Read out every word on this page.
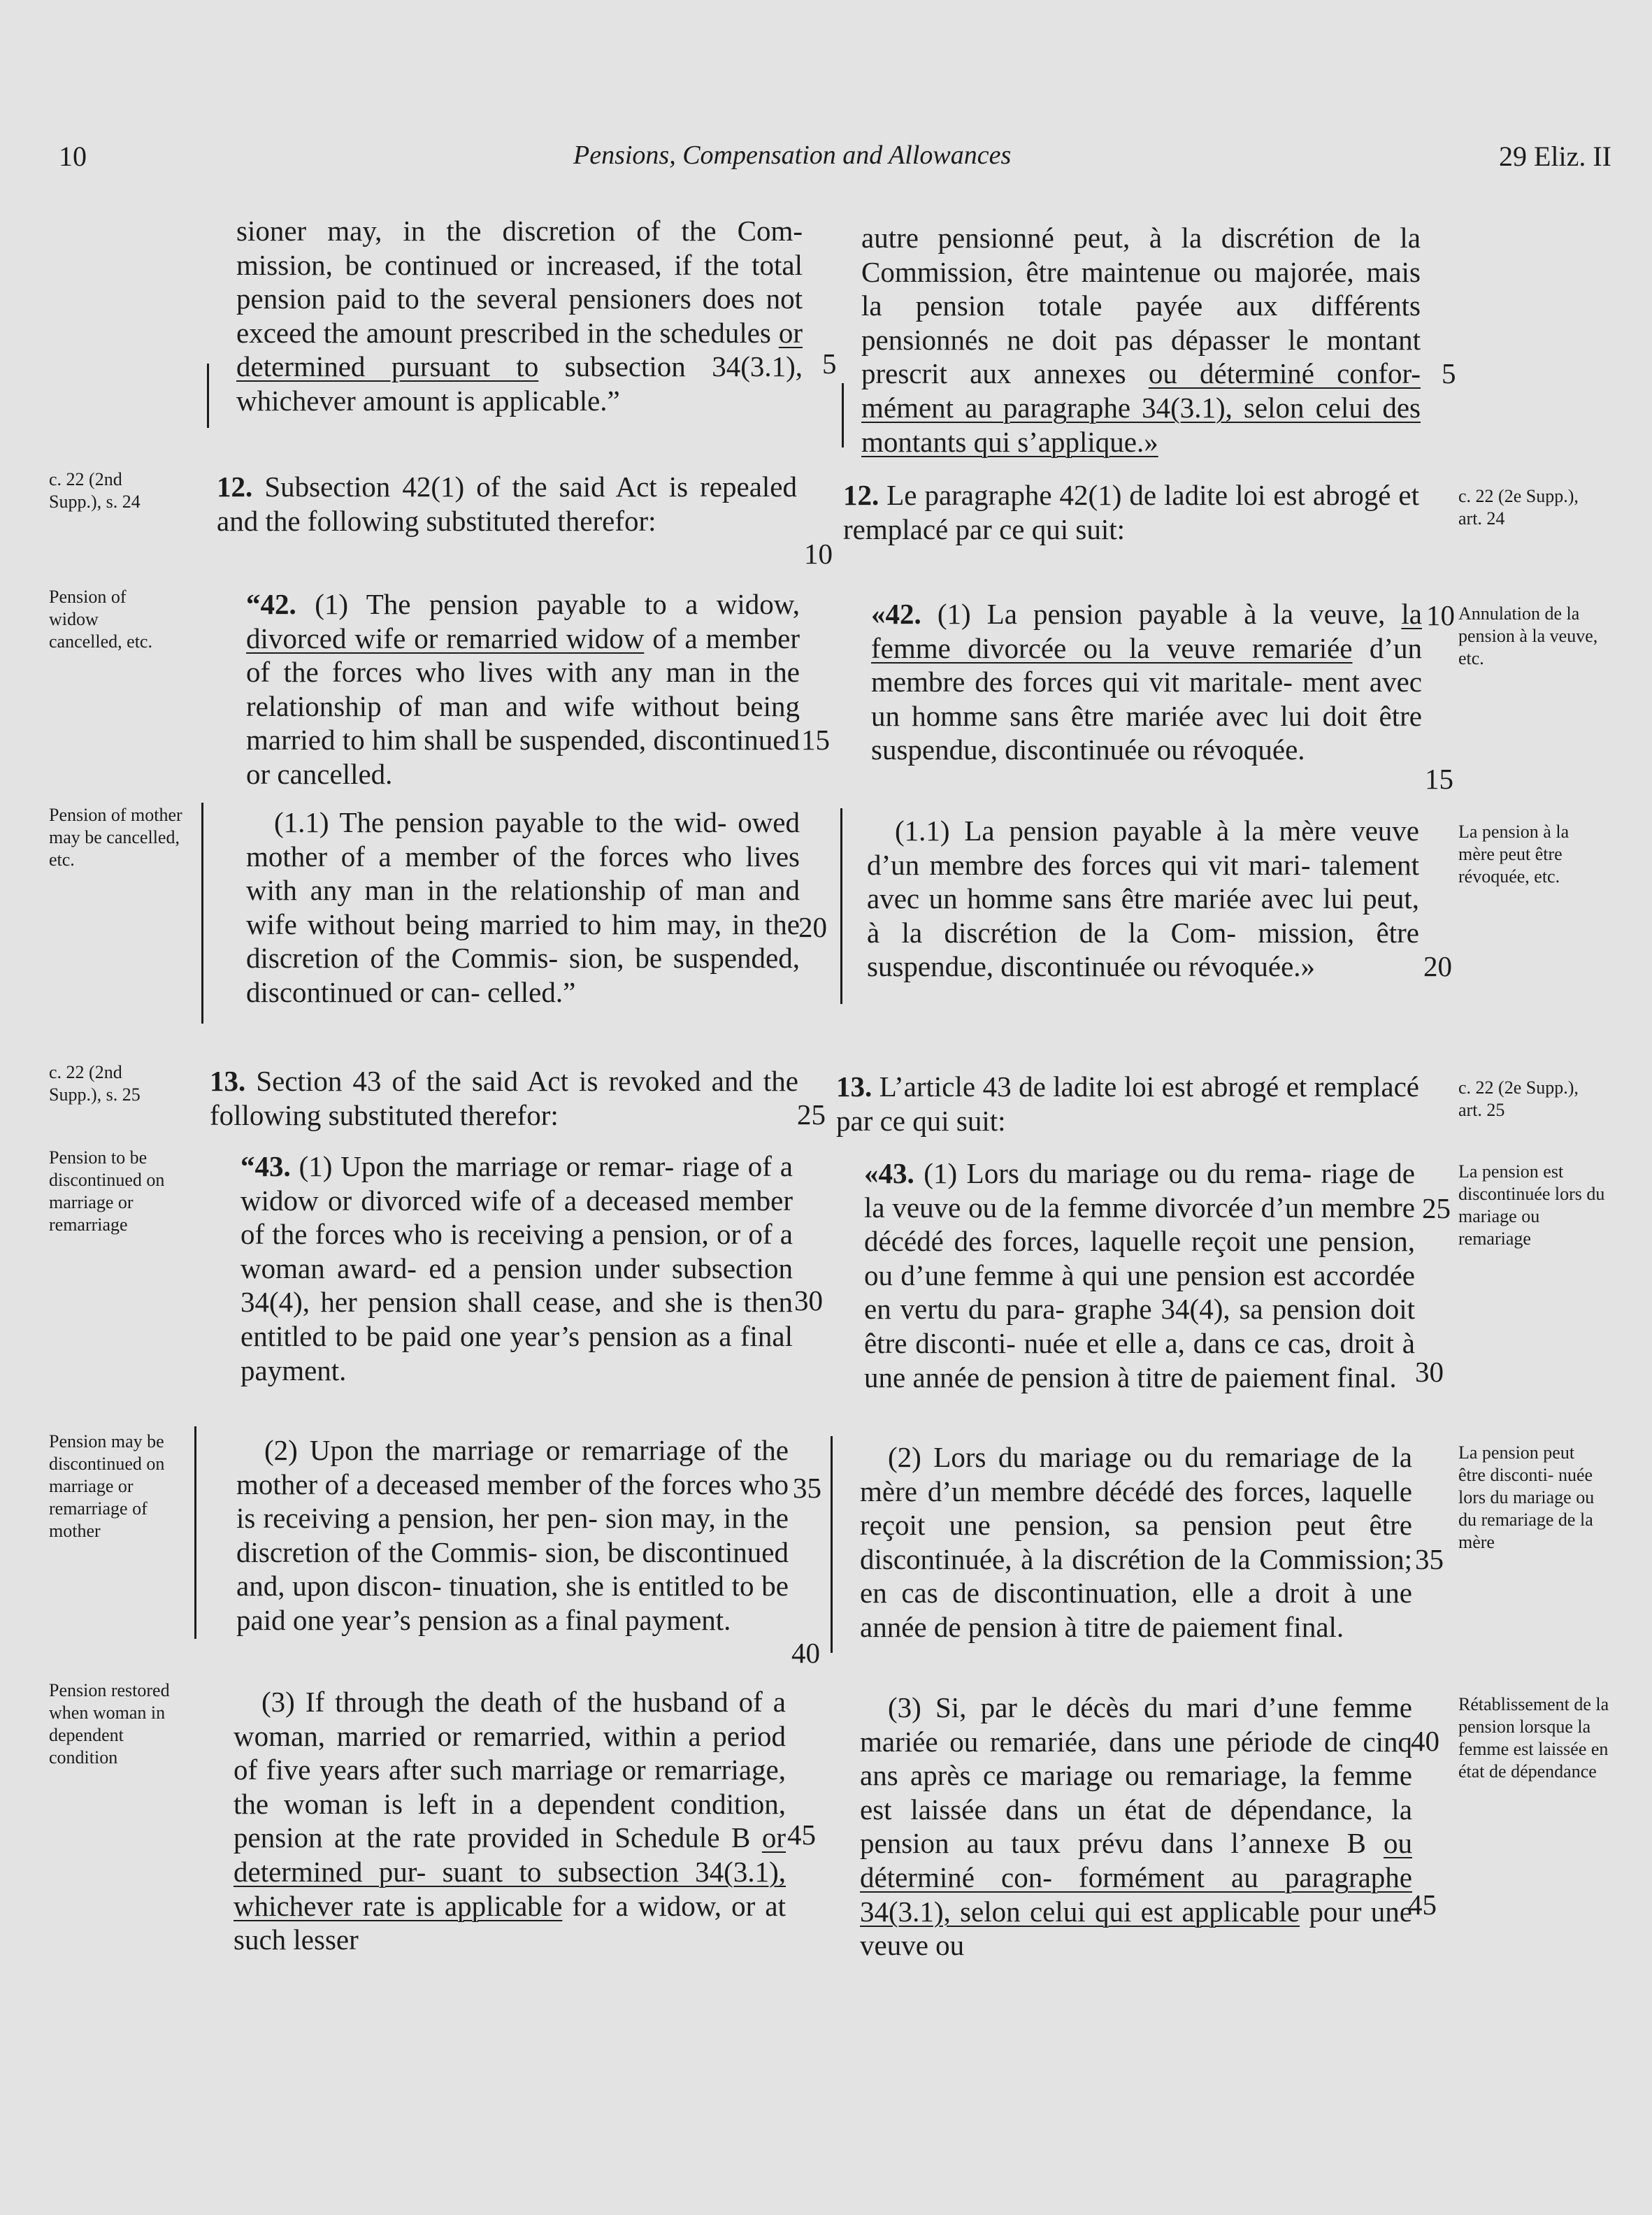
10	Pensions, Compensation and Allowances	29 Eliz. II

sioner may, in the discretion of the Com- mission, be continued or increased, if the total pension paid to the several pensioners does not exceed the amount prescribed in the schedules or determined pursuant to subsection 34(3.1), whichever amount is applicable.”

12. Subsection 42(1) of the said Act is repealed and the following substituted therefor:

“42. (1) The pension payable to a widow, divorced wife or remarried widow of a member of the forces who lives with any man in the relationship of man and wife without being married to him shall be suspended, discontinued or cancelled.

(1.1) The pension payable to the wid- owed mother of a member of the forces who lives with any man in the relationship of man and wife without being married to him may, in the discretion of the Commis- sion, be suspended, discontinued or can- celled.”

13. Section 43 of the said Act is revoked and the following substituted therefor:

“43. (1) Upon the marriage or remar- riage of a widow or divorced wife of a deceased member of the forces who is receiving a pension, or of a woman award- ed a pension under subsection 34(4), her pension shall cease, and she is then entitled to be paid one year’s pension as a final payment.

(2) Upon the marriage or remarriage of the mother of a deceased member of the forces who is receiving a pension, her pen- sion may, in the discretion of the Commis- sion, be discontinued and, upon discon- tinuation, she is entitled to be paid one year’s pension as a final payment.

(3) If through the death of the husband of a woman, married or remarried, within a period of five years after such marriage or remarriage, the woman is left in a dependent condition, pension at the rate provided in Schedule B or determined pur- suant to subsection 34(3.1), whichever rate is applicable for a widow, or at such lesser

autre pensionné peut, à la discrétion de la Commission, être maintenue ou majorée, mais la pension totale payée aux différents pensionnés ne doit pas dépasser le montant prescrit aux annexes ou déterminé confor- mément au paragraphe 34(3.1), selon celui des montants qui s’applique.»

12. Le paragraphe 42(1) de ladite loi est abrogé et remplacé par ce qui suit:

«42. (1) La pension payable à la veuve, la femme divorcée ou la veuve remariée d’un membre des forces qui vit maritale- ment avec un homme sans être mariée avec lui doit être suspendue, discontinuée ou révoquée.

(1.1) La pension payable à la mère veuve d’un membre des forces qui vit mari- talement avec un homme sans être mariée avec lui peut, à la discrétion de la Com- mission, être suspendue, discontinuée ou révoquée.»

13. L’article 43 de ladite loi est abrogé et remplacé par ce qui suit:

«43. (1) Lors du mariage ou du rema- riage de la veuve ou de la femme divorcée d’un membre décédé des forces, laquelle reçoit une pension, ou d’une femme à qui une pension est accordée en vertu du para- graphe 34(4), sa pension doit être disconti- nuée et elle a, dans ce cas, droit à une année de pension à titre de paiement final.

(2) Lors du mariage ou du remariage de la mère d’un membre décédé des forces, laquelle reçoit une pension, sa pension peut être discontinuée, à la discrétion de la Commission; en cas de discontinuation, elle a droit à une année de pension à titre de paiement final.

(3) Si, par le décès du mari d’une femme mariée ou remariée, dans une période de cinq ans après ce mariage ou remariage, la femme est laissée dans un état de dépendance, la pension au taux prévu dans l’annexe B ou déterminé con- formément au paragraphe 34(3.1), selon celui qui est applicable pour une veuve ou

5
10
15
20
25
30
35
40
45
5
10
15
20
25
30
35
40
45
c. 22 (2nd Supp.), s. 24
Pension of widow cancelled, etc.
Pension of mother may be cancelled, etc.
c. 22 (2nd Supp.), s. 25
Pension to be discontinued on marriage or remarriage
Pension may be discontinued on marriage or remarriage of mother
Pension restored when woman in dependent condition
c. 22 (2e Supp.), art. 24
Annulation de la pension à la veuve, etc.
La pension à la mère peut être révoquée, etc.
c. 22 (2e Supp.), art. 25
La pension est discontinuée lors du mariage ou remariage
La pension peut être disconti- nuée lors du mariage ou du remariage de la mère
Rétablissement de la pension lorsque la femme est laissée en état de dépendance
